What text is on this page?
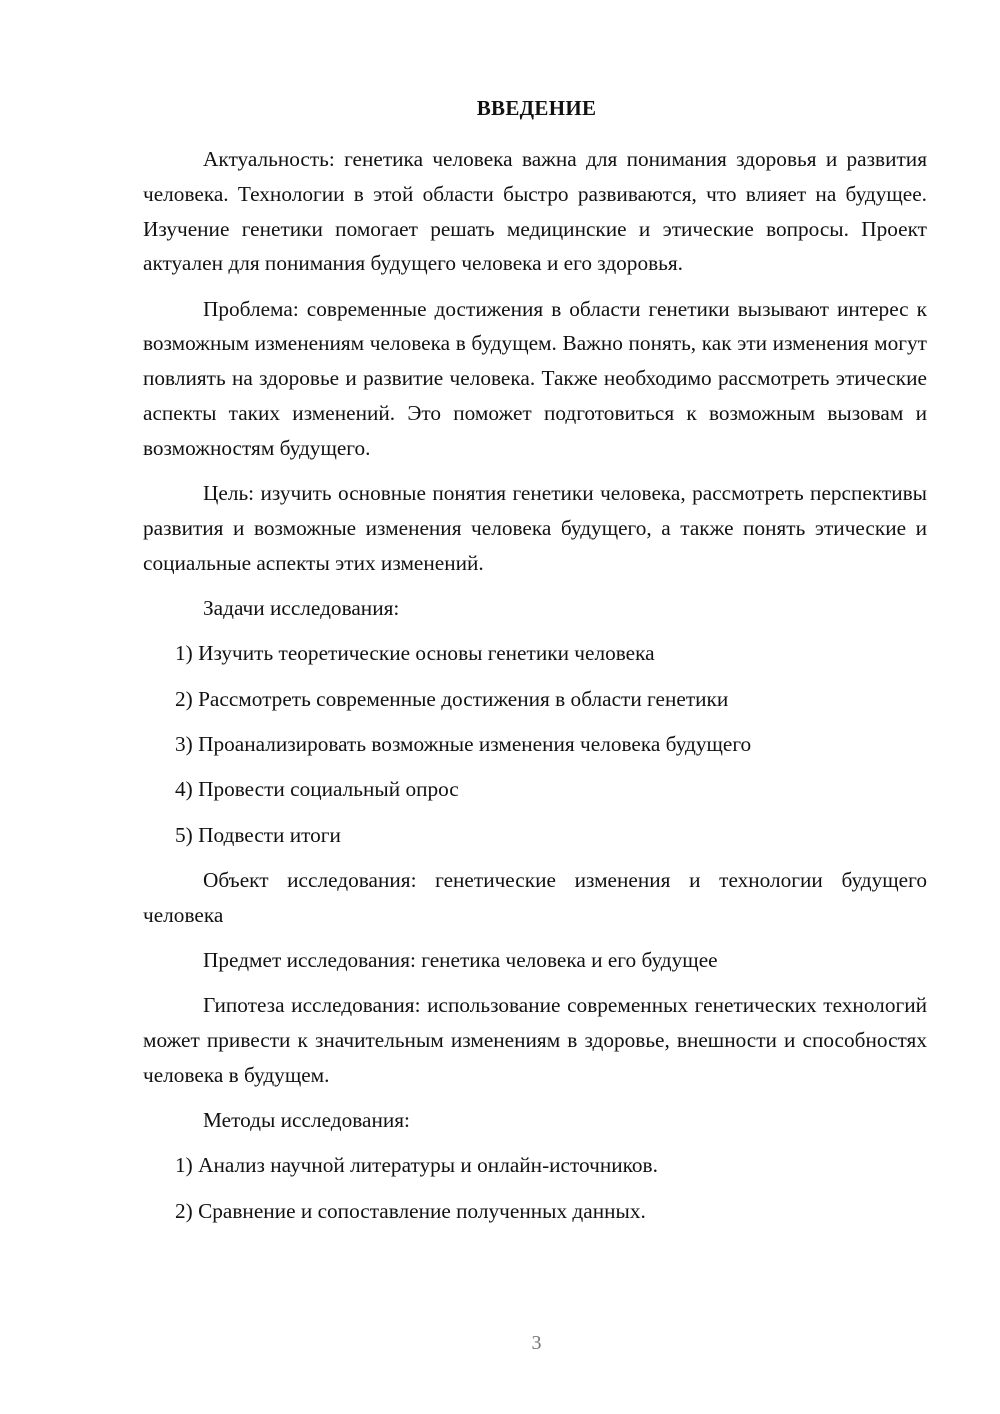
ВВЕДЕНИЕ

Актуальность: генетика человека важна для понимания здоровья и развития человека. Технологии в этой области быстро развиваются, что влияет на будущее. Изучение генетики помогает решать медицинские и этические вопросы. Проект актуален для понимания будущего человека и его здоровья.

Проблема: современные достижения в области генетики вызывают интерес к возможным изменениям человека в будущем. Важно понять, как эти изменения могут повлиять на здоровье и развитие человека. Также необходимо рассмотреть этические аспекты таких изменений. Это поможет подготовиться к возможным вызовам и возможностям будущего.

Цель: изучить основные понятия генетики человека, рассмотреть перспективы развития и возможные изменения человека будущего, а также понять этические и социальные аспекты этих изменений.

Задачи исследования:
1) Изучить теоретические основы генетики человека
2) Рассмотреть современные достижения в области генетики
3) Проанализировать возможные изменения человека будущего
4) Провести социальный опрос
5) Подвести итоги

Объект исследования: генетические изменения и технологии будущего человека

Предмет исследования: генетика человека и его будущее

Гипотеза исследования: использование современных генетических технологий может привести к значительным изменениям в здоровье, внешности и способностях человека в будущем.

Методы исследования:
1) Анализ научной литературы и онлайн-источников.
2) Сравнение и сопоставление полученных данных.
3
